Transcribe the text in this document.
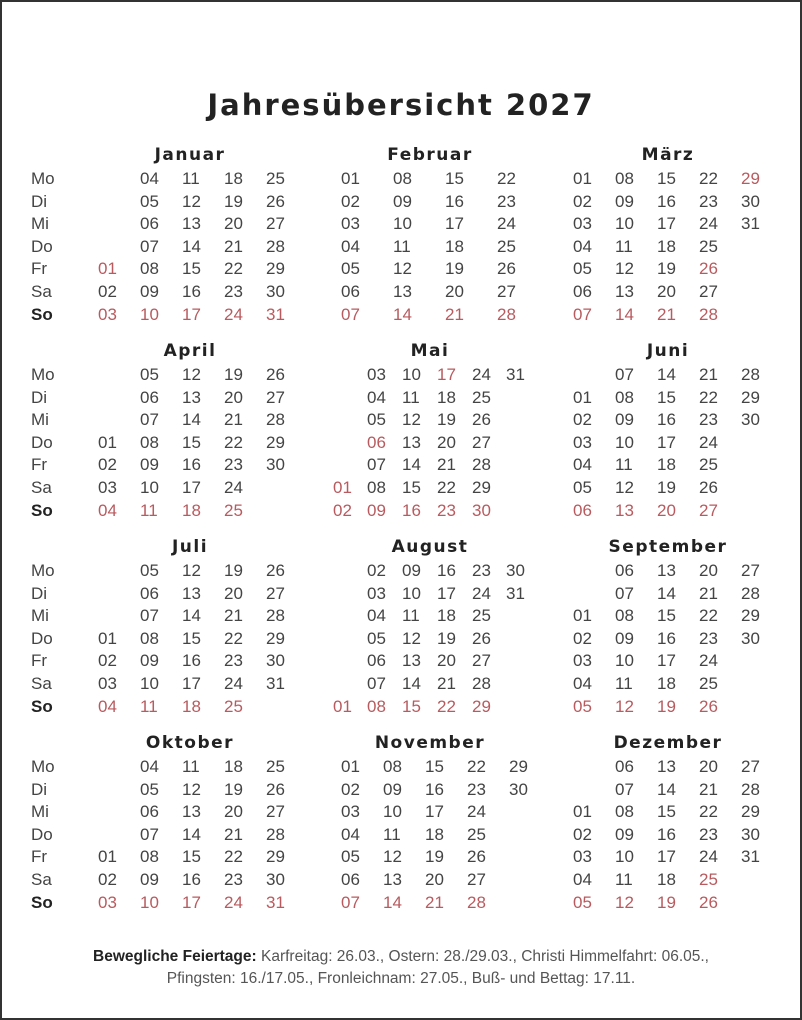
Jahresübersicht 2027
Januar
Mo
Di
Mi
Do
Fr
Sa
So
01
02
03
04
05
06
07
08
09
10
11
12
13
14
15
16
17
18
19
20
21
22
23
24
25
26
27
28
29
30
31
Februar
01
02
03
04
05
06
07
08
09
10
11
12
13
14
15
16
17
18
19
20
21
22
23
24
25
26
27
28
März
01
02
03
04
05
06
07
08
09
10
11
12
13
14
15
16
17
18
19
20
21
22
23
24
25
26
27
28
29
30
31
April
Mo
Di
Mi
Do
Fr
Sa
So
01
02
03
04
05
06
07
08
09
10
11
12
13
14
15
16
17
18
19
20
21
22
23
24
25
26
27
28
29
30
Mai
01
02
03
04
05
06
07
08
09
10
11
12
13
14
15
16
17
18
19
20
21
22
23
24
25
26
27
28
29
30
31
Juni
01
02
03
04
05
06
07
08
09
10
11
12
13
14
15
16
17
18
19
20
21
22
23
24
25
26
27
28
29
30
Juli
Mo
Di
Mi
Do
Fr
Sa
So
01
02
03
04
05
06
07
08
09
10
11
12
13
14
15
16
17
18
19
20
21
22
23
24
25
26
27
28
29
30
31
August
01
02
03
04
05
06
07
08
09
10
11
12
13
14
15
16
17
18
19
20
21
22
23
24
25
26
27
28
29
30
31
September
01
02
03
04
05
06
07
08
09
10
11
12
13
14
15
16
17
18
19
20
21
22
23
24
25
26
27
28
29
30
Oktober
Mo
Di
Mi
Do
Fr
Sa
So
01
02
03
04
05
06
07
08
09
10
11
12
13
14
15
16
17
18
19
20
21
22
23
24
25
26
27
28
29
30
31
November
01
02
03
04
05
06
07
08
09
10
11
12
13
14
15
16
17
18
19
20
21
22
23
24
25
26
27
28
29
30
Dezember
01
02
03
04
05
06
07
08
09
10
11
12
13
14
15
16
17
18
19
20
21
22
23
24
25
26
27
28
29
30
31
Bewegliche Feiertage: Karfreitag: 26.03., Ostern: 28./29.03., Christi Himmelfahrt: 06.05.,
Pfingsten: 16./17.05., Fronleichnam: 27.05., Buß- und Bettag: 17.11.
